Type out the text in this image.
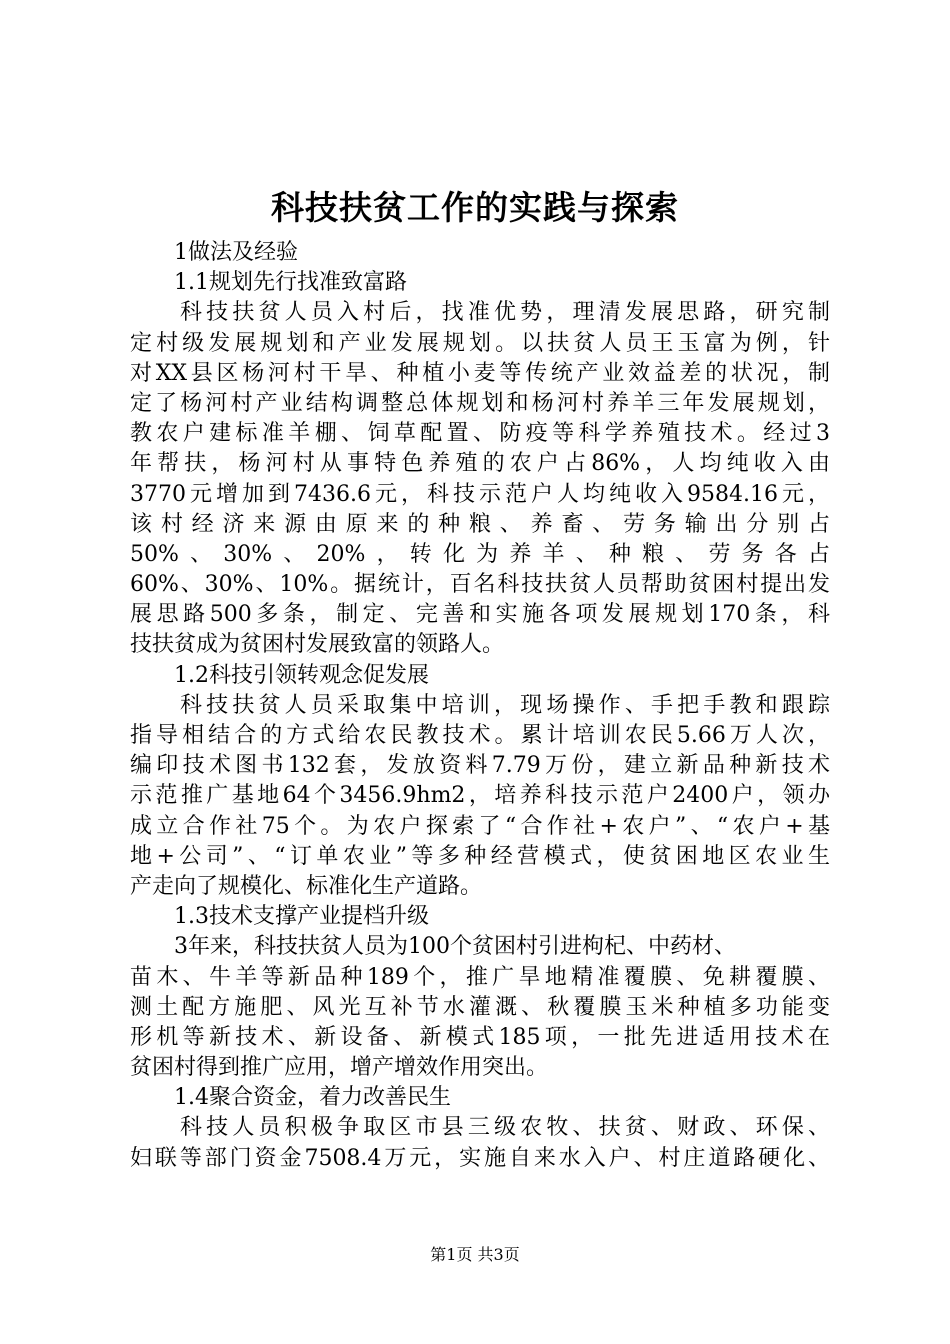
科技扶贫工作的实践与探索
1做法及经验
1.1规划先行找准致富路
科技扶贫人员入村后，找准优势，理清发展思路，研究制
定村级发展规划和产业发展规划。以扶贫人员王玉富为例，针
对XX县区杨河村干旱、种植小麦等传统产业效益差的状况，制
定了杨河村产业结构调整总体规划和杨河村养羊三年发展规划，
教农户建标准羊棚、饲草配置、防疫等科学养殖技术。经过3
年帮扶，杨河村从事特色养殖的农户占86%，人均纯收入由
3770元增加到7436.6元，科技示范户人均纯收入9584.16元，
该村经济来源由原来的种粮、养畜、劳务输出分别占
50%、30%、20%，转化为养羊、种粮、劳务各占
60%、30%、10%。据统计，百名科技扶贫人员帮助贫困村提出发
展思路500多条，制定、完善和实施各项发展规划170条，科
技扶贫成为贫困村发展致富的领路人。
1.2科技引领转观念促发展
科技扶贫人员采取集中培训，现场操作、手把手教和跟踪
指导相结合的方式给农民教技术。累计培训农民5.66万人次，
编印技术图书132套，发放资料7.79万份，建立新品种新技术
示范推广基地64个3456.9hm2，培养科技示范户2400户，领办
成立合作社75个。为农户探索了“合作社+农户”、“农户+基
地+公司”、“订单农业”等多种经营模式，使贫困地区农业生
产走向了规模化、标准化生产道路。
1.3技术支撑产业提档升级
3年来，科技扶贫人员为100个贫困村引进枸杞、中药材、
苗木、牛羊等新品种189个，推广旱地精准覆膜、免耕覆膜、
测土配方施肥、风光互补节水灌溉、秋覆膜玉米种植多功能变
形机等新技术、新设备、新模式185项，一批先进适用技术在
贫困村得到推广应用，增产增效作用突出。
1.4聚合资金，着力改善民生
科技人员积极争取区市县三级农牧、扶贫、财政、环保、
妇联等部门资金7508.4万元，实施自来水入户、村庄道路硬化、
第1页 共3页
